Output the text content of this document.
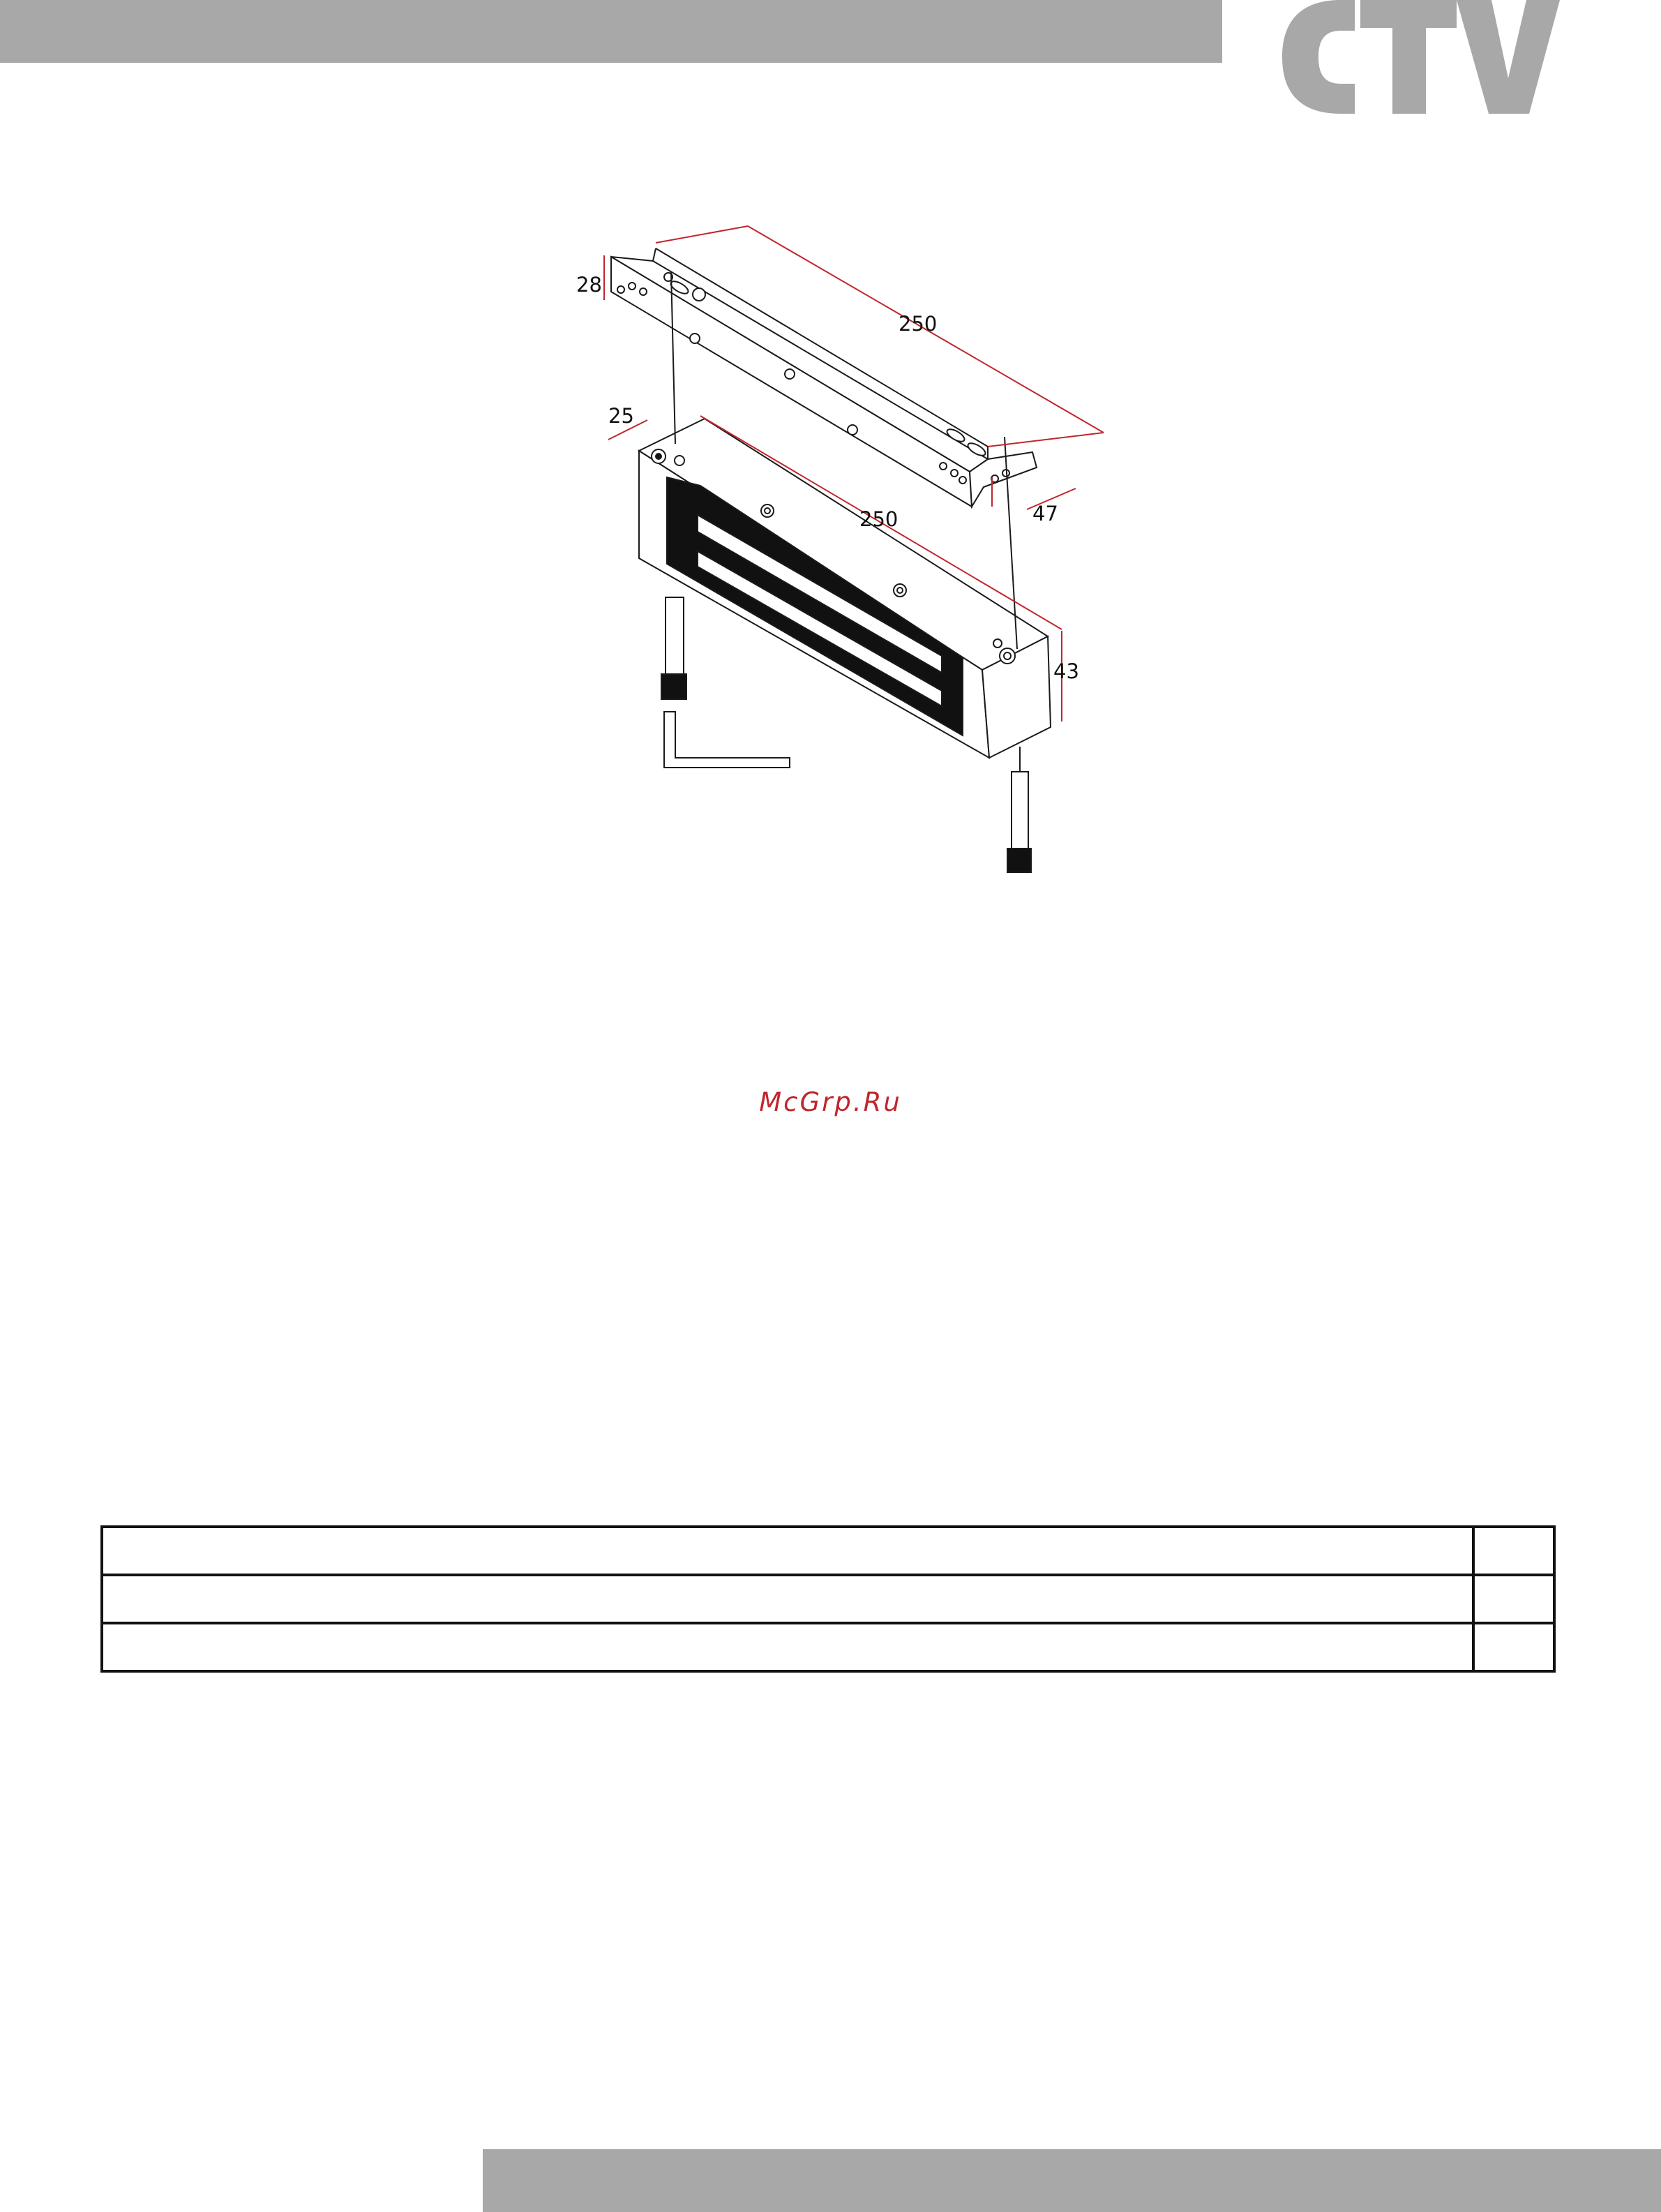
28
250
25
250	47
43
McGrp.Ru
